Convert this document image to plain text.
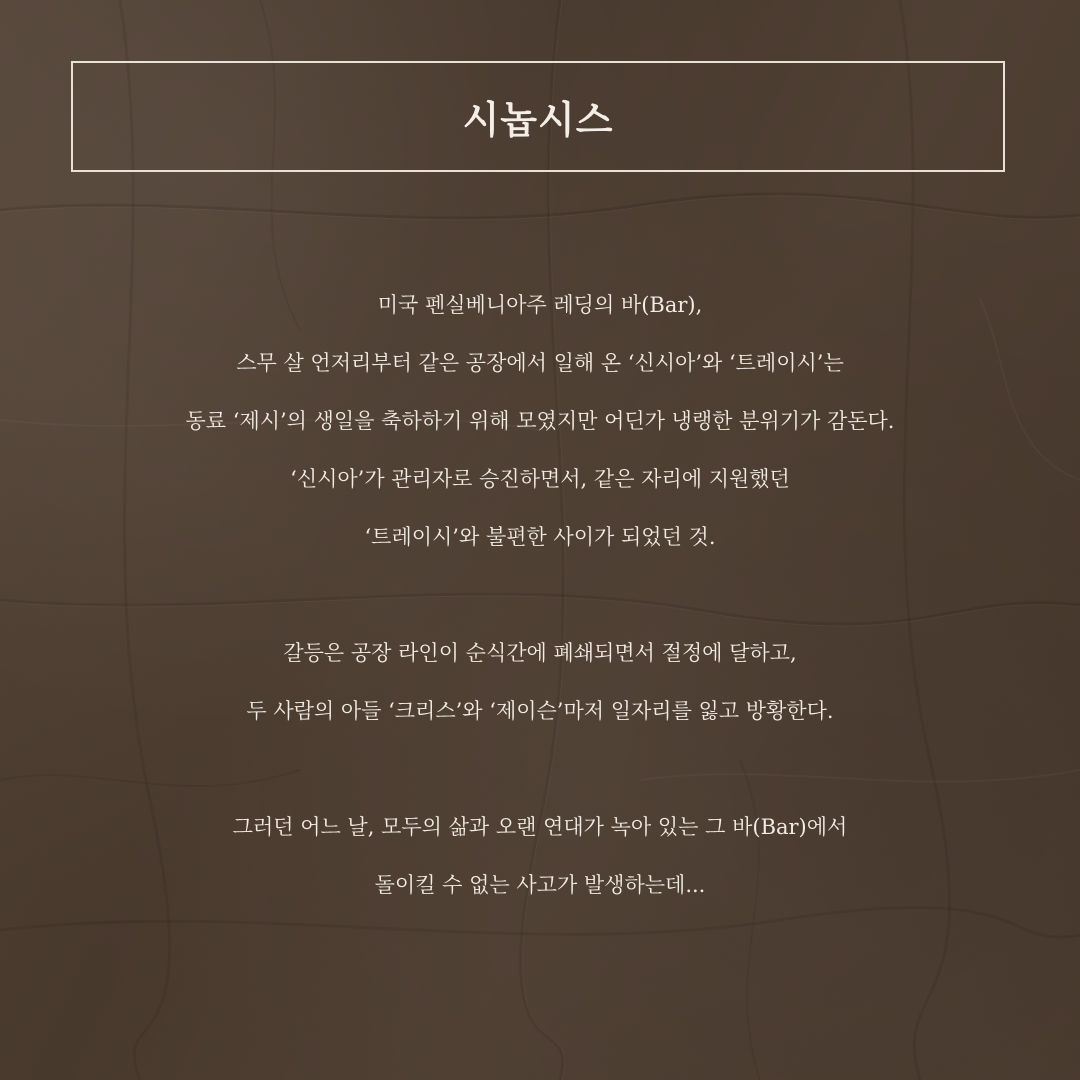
시놉시스
미국 펜실베니아주 레딩의 바(Bar),
스무 살 언저리부터 같은 공장에서 일해 온 ‘신시아’와 ‘트레이시’는
동료 ‘제시’의 생일을 축하하기 위해 모였지만 어딘가 냉랭한 분위기가 감돈다.
‘신시아’가 관리자로 승진하면서, 같은 자리에 지원했던
‘트레이시’와 불편한 사이가 되었던 것.
갈등은 공장 라인이 순식간에 폐쇄되면서 절정에 달하고,
두 사람의 아들 ‘크리스’와 ‘제이슨’마저 일자리를 잃고 방황한다.
그러던 어느 날, 모두의 삶과 오랜 연대가 녹아 있는 그 바(Bar)에서
돌이킬 수 없는 사고가 발생하는데...
